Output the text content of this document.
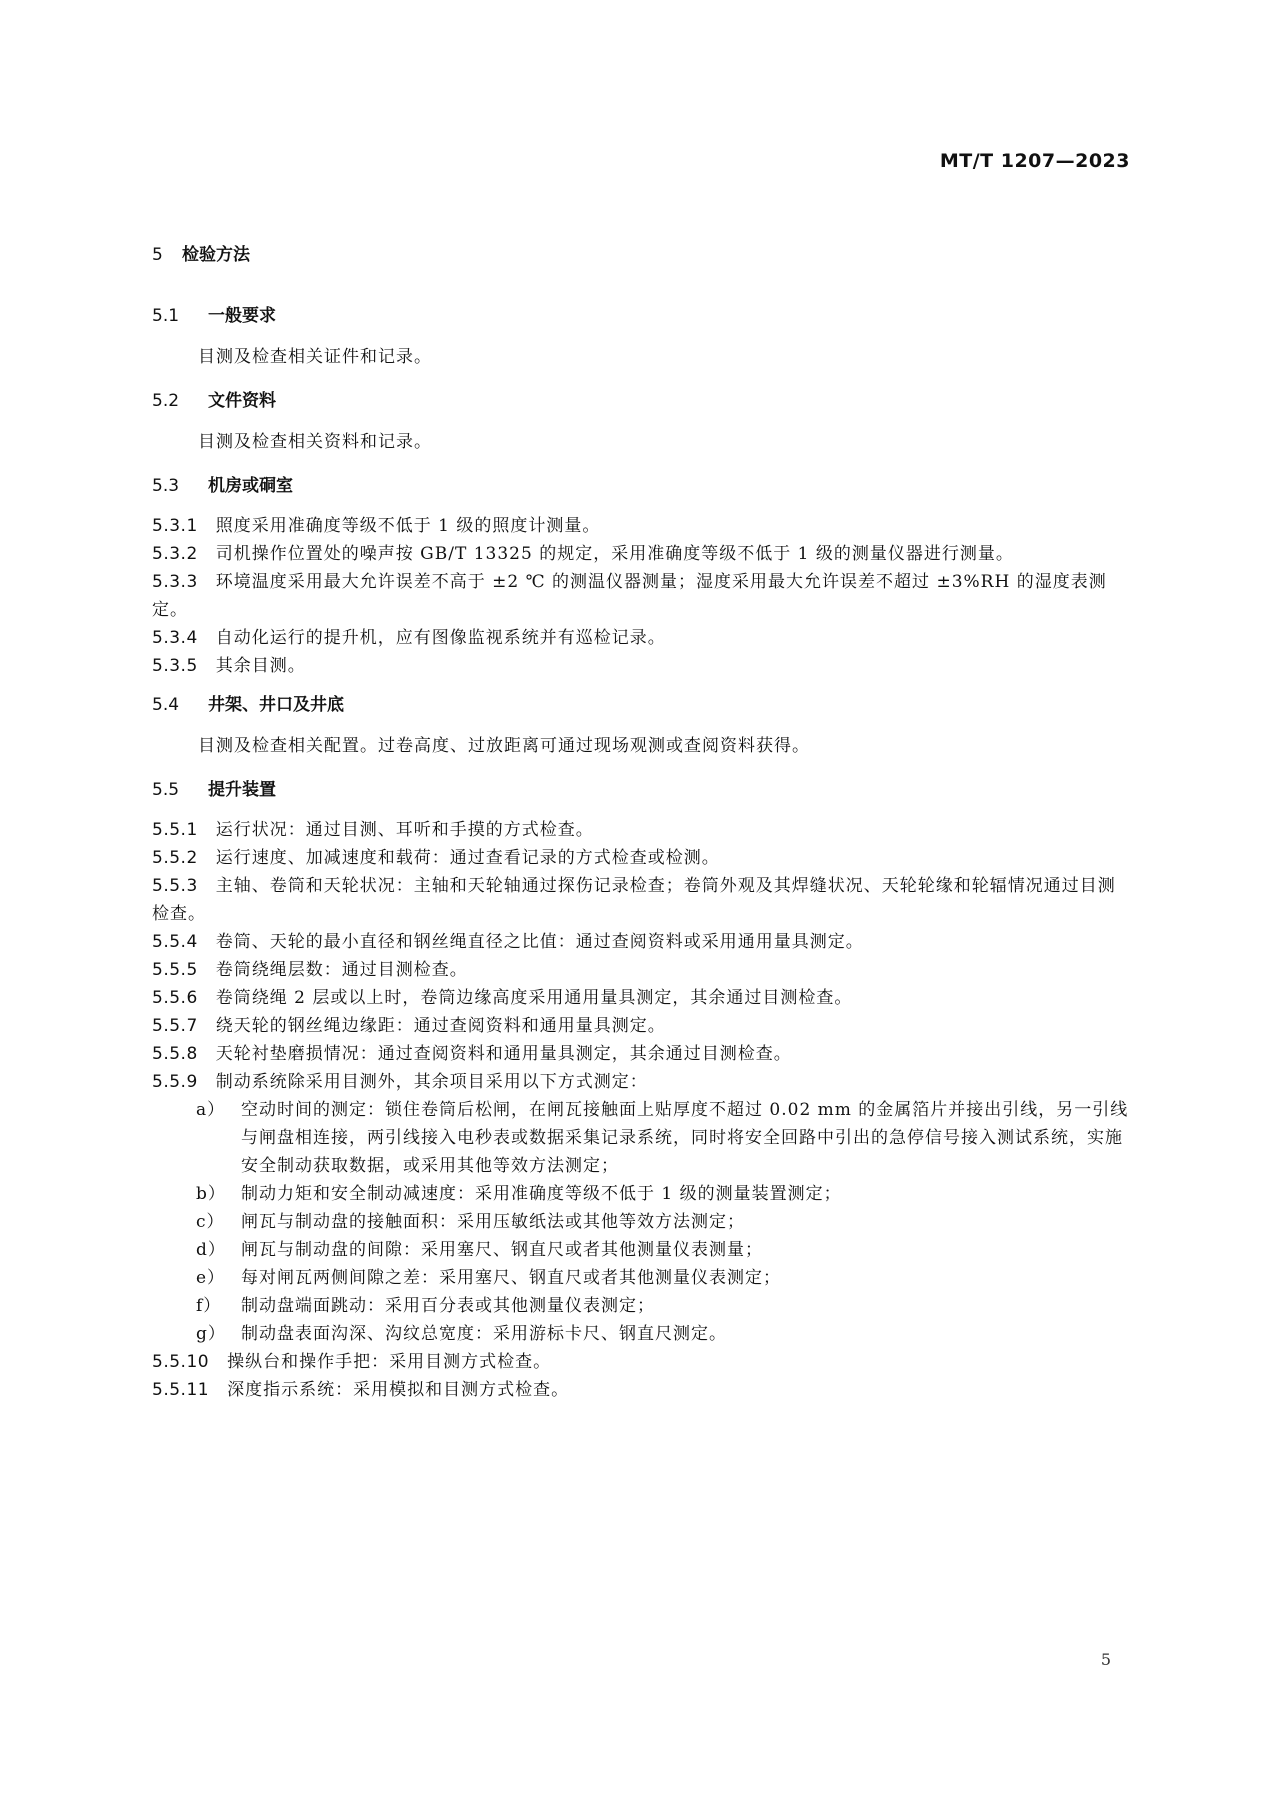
MT/T 1207—2023
5	检验方法
5.1	一般要求
目测及检查相关证件和记录。
5.2	文件资料
目测及检查相关资料和记录。
5.3	机房或硐室
5.3.1　 照度采用准确度等级不低于 1 级的照度计测量。
5.3.2　 司机操作位置处的噪声按 GB/T 13325 的规定，采用准确度等级不低于 1 级的测量仪器进行测量。
5.3.3　 环境温度采用最大允许误差不高于 ±2 ℃ 的测温仪器测量；湿度采用最大允许误差不超过 ±3%RH 的湿度表测定。
5.3.4　 自动化运行的提升机，应有图像监视系统并有巡检记录。
5.3.5　 其余目测。
5.4	井架、井口及井底
目测及检查相关配置。过卷高度、过放距离可通过现场观测或查阅资料获得。
5.5	提升装置
5.5.1　 运行状况：通过目测、耳听和手摸的方式检查。
5.5.2　 运行速度、加减速度和载荷：通过查看记录的方式检查或检测。
5.5.3　 主轴、卷筒和天轮状况：主轴和天轮轴通过探伤记录检查；卷筒外观及其焊缝状况、天轮轮缘和轮辐情况通过目测检查。
5.5.4　 卷筒、天轮的最小直径和钢丝绳直径之比值：通过查阅资料或采用通用量具测定。
5.5.5　 卷筒绕绳层数：通过目测检查。
5.5.6　 卷筒绕绳 2 层或以上时，卷筒边缘高度采用通用量具测定，其余通过目测检查。
5.5.7　 绕天轮的钢丝绳边缘距：通过查阅资料和通用量具测定。
5.5.8　 天轮衬垫磨损情况：通过查阅资料和通用量具测定，其余通过目测检查。
5.5.9　 制动系统除采用目测外，其余项目采用以下方式测定：
a） 空动时间的测定：锁住卷筒后松闸，在闸瓦接触面上贴厚度不超过 0.02 mm 的金属箔片并接出引线，另一引线与闸盘相连接，两引线接入电秒表或数据采集记录系统，同时将安全回路中引出的急停信号接入测试系统，实施安全制动获取数据，或采用其他等效方法测定；
b） 制动力矩和安全制动减速度：采用准确度等级不低于 1 级的测量装置测定；
c） 闸瓦与制动盘的接触面积：采用压敏纸法或其他等效方法测定；
d） 闸瓦与制动盘的间隙：采用塞尺、钢直尺或者其他测量仪表测量；
e） 每对闸瓦两侧间隙之差：采用塞尺、钢直尺或者其他测量仪表测定；
f）	制动盘端面跳动：采用百分表或其他测量仪表测定；
g） 制动盘表面沟深、沟纹总宽度：采用游标卡尺、钢直尺测定。
5.5.10　 操纵台和操作手把：采用目测方式检查。
5.5.11　 深度指示系统：采用模拟和目测方式检查。
5
